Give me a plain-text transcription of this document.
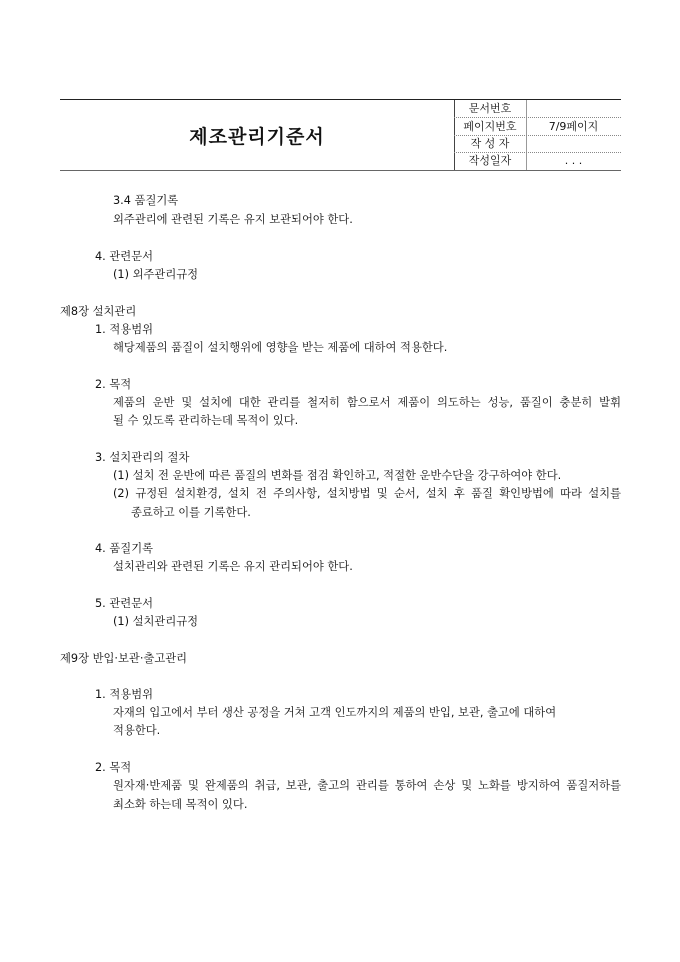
제조관리기준서
문서번호
페이지번호	7/9페이지
작 성 자
작성일자	. . .
3.4 품질기록
외주관리에 관련된 기록은 유지 보관되어야 한다.
4. 관련문서
(1) 외주관리규정
제8장 설치관리
1. 적용범위
해당제품의 품질이 설치행위에 영향을 받는 제품에 대하여 적용한다.
2. 목적
제품의 운반 및 설치에 대한 관리를 철저히 함으로서 제품이 의도하는 성능, 품질이 충분히 발휘
될 수 있도록 관리하는데 목적이 있다.
3. 설치관리의 절차
(1) 설치 전 운반에 따른 품질의 변화를 점검 확인하고, 적절한 운반수단을 강구하여야 한다.
(2) 규정된 설치환경, 설치 전 주의사항, 설치방법 및 순서, 설치 후 품질 확인방법에 따라 설치를
종료하고 이를 기록한다.
4. 품질기록
설치관리와 관련된 기록은 유지 관리되어야 한다.
5. 관련문서
(1) 설치관리규정
제9장 반입·보관·출고관리
1. 적용범위
자재의 입고에서 부터 생산 공정을 거쳐 고객 인도까지의 제품의 반입, 보관, 출고에 대하여
적용한다.
2. 목적
원자재·반제품 및 완제품의 취급, 보관, 출고의 관리를 통하여 손상 및 노화를 방지하여 품질저하를
최소화 하는데 목적이 있다.
